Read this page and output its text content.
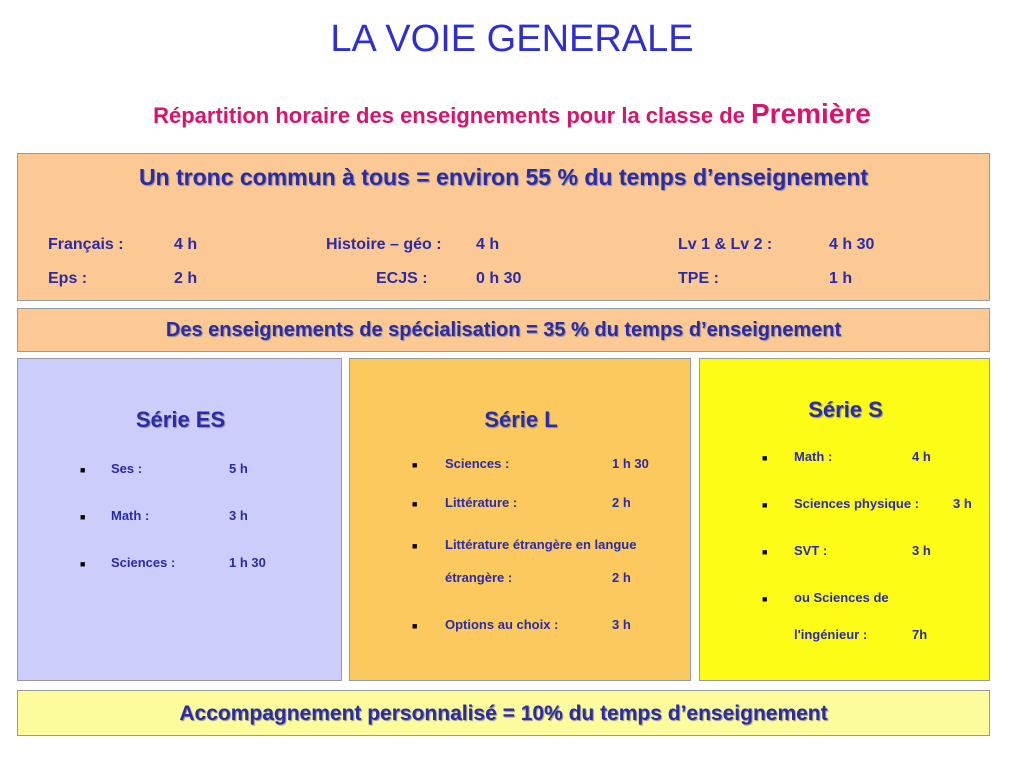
LA VOIE GENERALE
Répartition horaire des enseignements pour la classe de Première
Un tronc commun à tous = environ 55 % du temps d’enseignement
Français :	4 h	Histoire – géo : 4 h	Lv 1 & Lv 2 :	4 h 30
Eps :	2 h	ECJS :	0 h 30	TPE :	1 h
Des enseignements de spécialisation = 35 % du temps d’enseignement
Série ES
■ Ses :	5 h
■ Math :	3 h
■ Sciences :	1 h 30
Série L
■ Sciences :	1 h 30
■ Littérature :	2 h
■ Littérature étrangère en langue
étrangère :	2 h
■ Options au choix :	3 h
Série S
■ Math :	4 h
■ Sciences physique :	3 h
■ SVT :	3 h
■ ou Sciences de
l'ingénieur :	7h
Accompagnement personnalisé = 10% du temps d’enseignement
